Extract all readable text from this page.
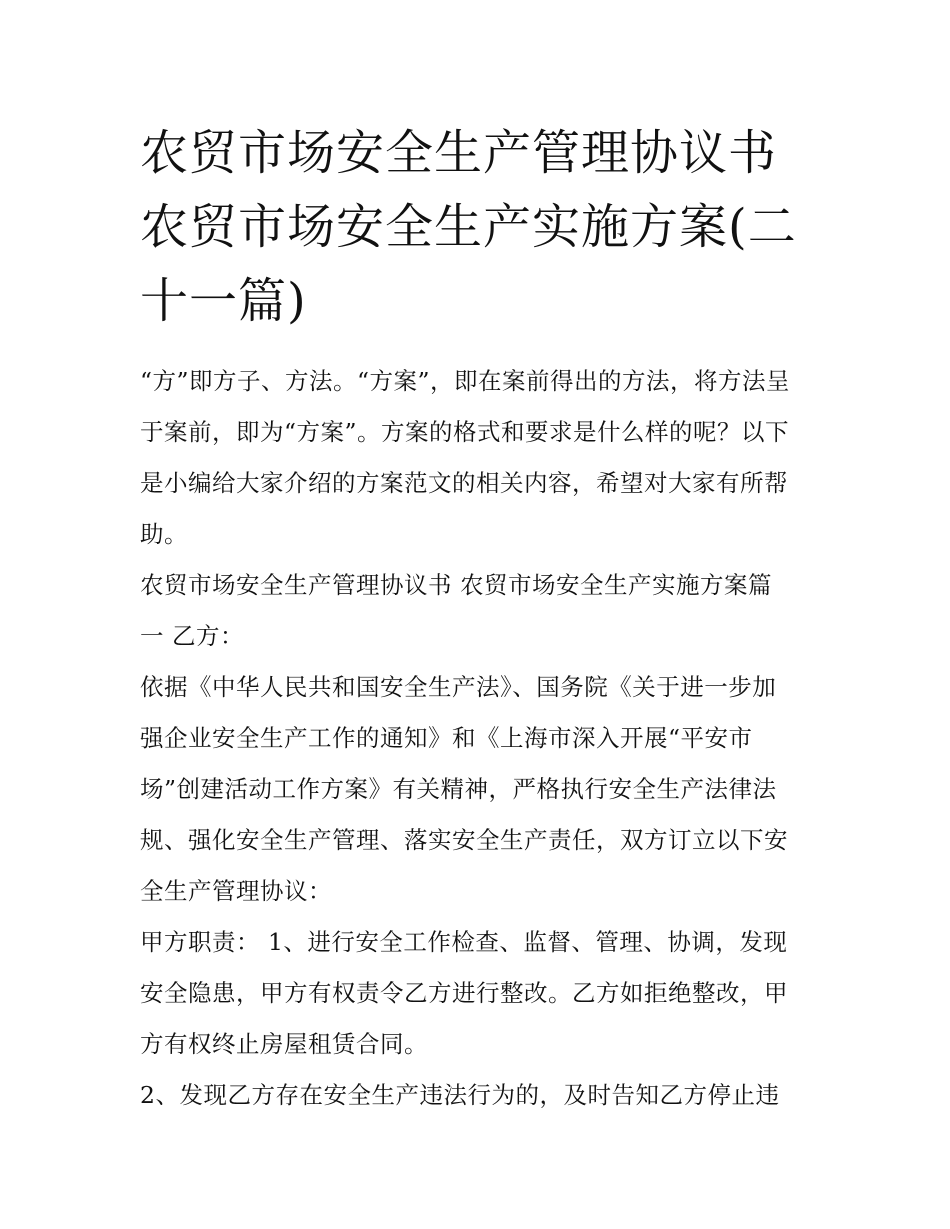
农贸市场安全生产管理协议书
农贸市场安全生产实施方案(二
十一篇)
“方”即方子、方法。“方案”，即在案前得出的方法，将方法呈
于案前，即为“方案”。方案的格式和要求是什么样的呢？以下
是小编给大家介绍的方案范文的相关内容，希望对大家有所帮
助。
农贸市场安全生产管理协议书 农贸市场安全生产实施方案篇
一 乙方：
依据《中华人民共和国安全生产法》、国务院《关于进一步加
强企业安全生产工作的通知》和《上海市深入开展“平安市
场”创建活动工作方案》有关精神，严格执行安全生产法律法
规、强化安全生产管理、落实安全生产责任，双方订立以下安
全生产管理协议：
甲方职责： 1、进行安全工作检查、监督、管理、协调，发现
安全隐患，甲方有权责令乙方进行整改。乙方如拒绝整改，甲
方有权终止房屋租赁合同。
2、发现乙方存在安全生产违法行为的，及时告知乙方停止违
